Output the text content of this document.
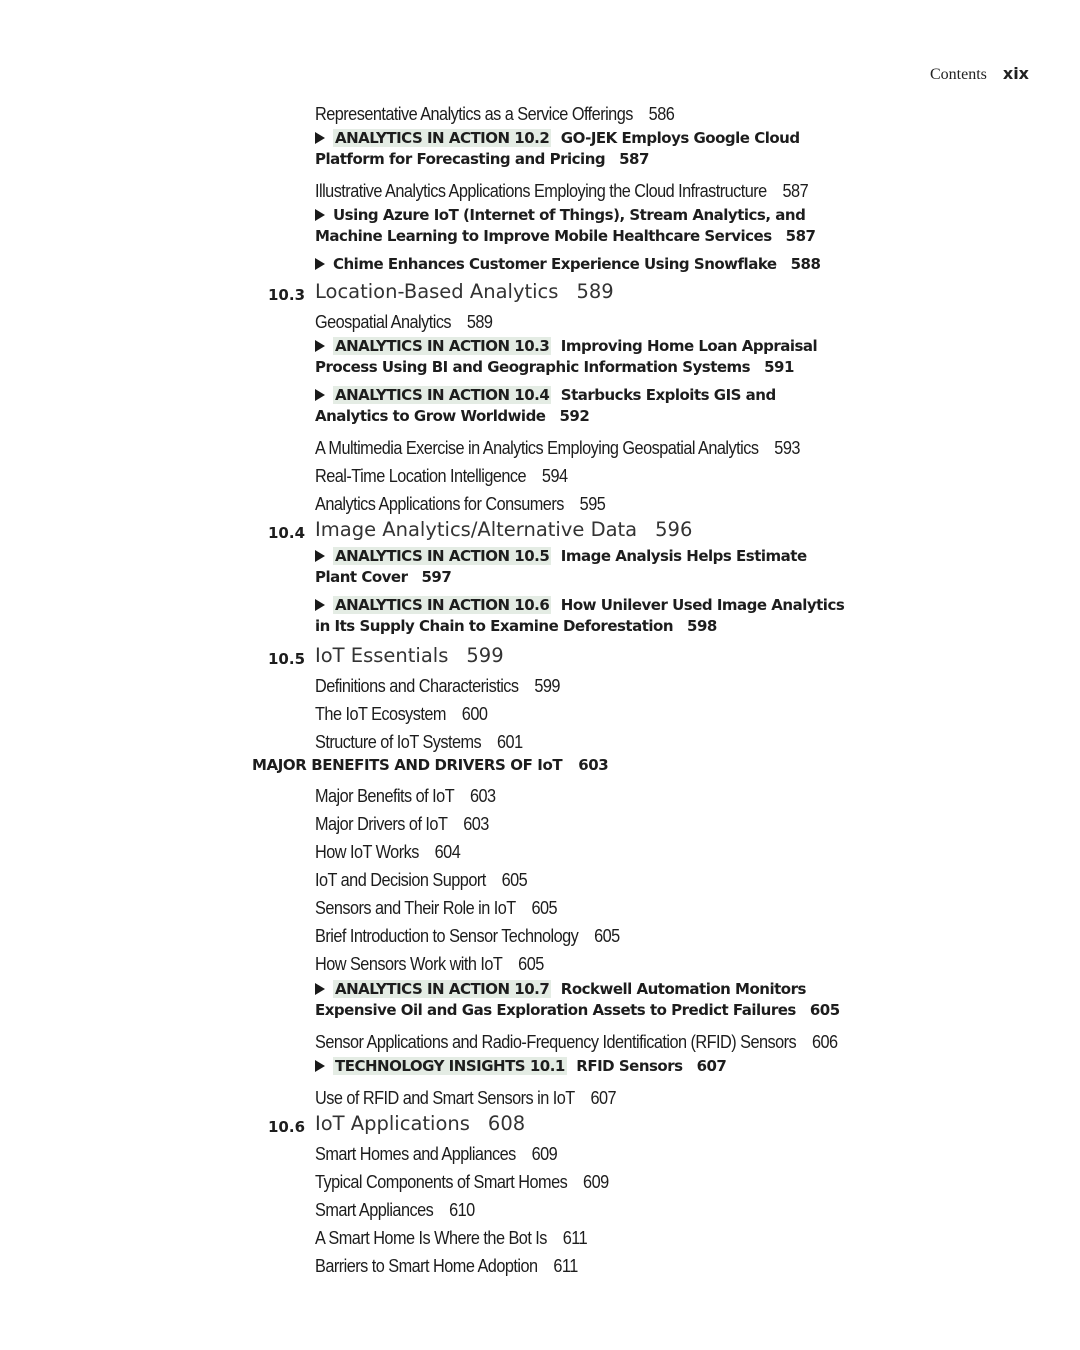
Contents xix
Representative Analytics as a Service Offerings 586
ANALYTICS IN ACTION 10.2 GO-JEK Employs Google Cloud Platform for Forecasting and Pricing 587
Illustrative Analytics Applications Employing the Cloud Infrastructure 587
Using Azure IoT (Internet of Things), Stream Analytics, and Machine Learning to Improve Mobile Healthcare Services 587
Chime Enhances Customer Experience Using Snowflake 588
10.3 Location-Based Analytics 589
Geospatial Analytics 589
ANALYTICS IN ACTION 10.3 Improving Home Loan Appraisal Process Using BI and Geographic Information Systems 591
ANALYTICS IN ACTION 10.4 Starbucks Exploits GIS and Analytics to Grow Worldwide 592
A Multimedia Exercise in Analytics Employing Geospatial Analytics 593
Real-Time Location Intelligence 594
Analytics Applications for Consumers 595
10.4 Image Analytics/Alternative Data 596
ANALYTICS IN ACTION 10.5 Image Analysis Helps Estimate Plant Cover 597
ANALYTICS IN ACTION 10.6 How Unilever Used Image Analytics in Its Supply Chain to Examine Deforestation 598
10.5 IoT Essentials 599
Definitions and Characteristics 599
The IoT Ecosystem 600
Structure of IoT Systems 601
MAJOR BENEFITS AND DRIVERS OF IoT 603
Major Benefits of IoT 603
Major Drivers of IoT 603
How IoT Works 604
IoT and Decision Support 605
Sensors and Their Role in IoT 605
Brief Introduction to Sensor Technology 605
How Sensors Work with IoT 605
ANALYTICS IN ACTION 10.7 Rockwell Automation Monitors Expensive Oil and Gas Exploration Assets to Predict Failures 605
Sensor Applications and Radio-Frequency Identification (RFID) Sensors 606
TECHNOLOGY INSIGHTS 10.1 RFID Sensors 607
Use of RFID and Smart Sensors in IoT 607
10.6 IoT Applications 608
Smart Homes and Appliances 609
Typical Components of Smart Homes 609
Smart Appliances 610
A Smart Home Is Where the Bot Is 611
Barriers to Smart Home Adoption 611
